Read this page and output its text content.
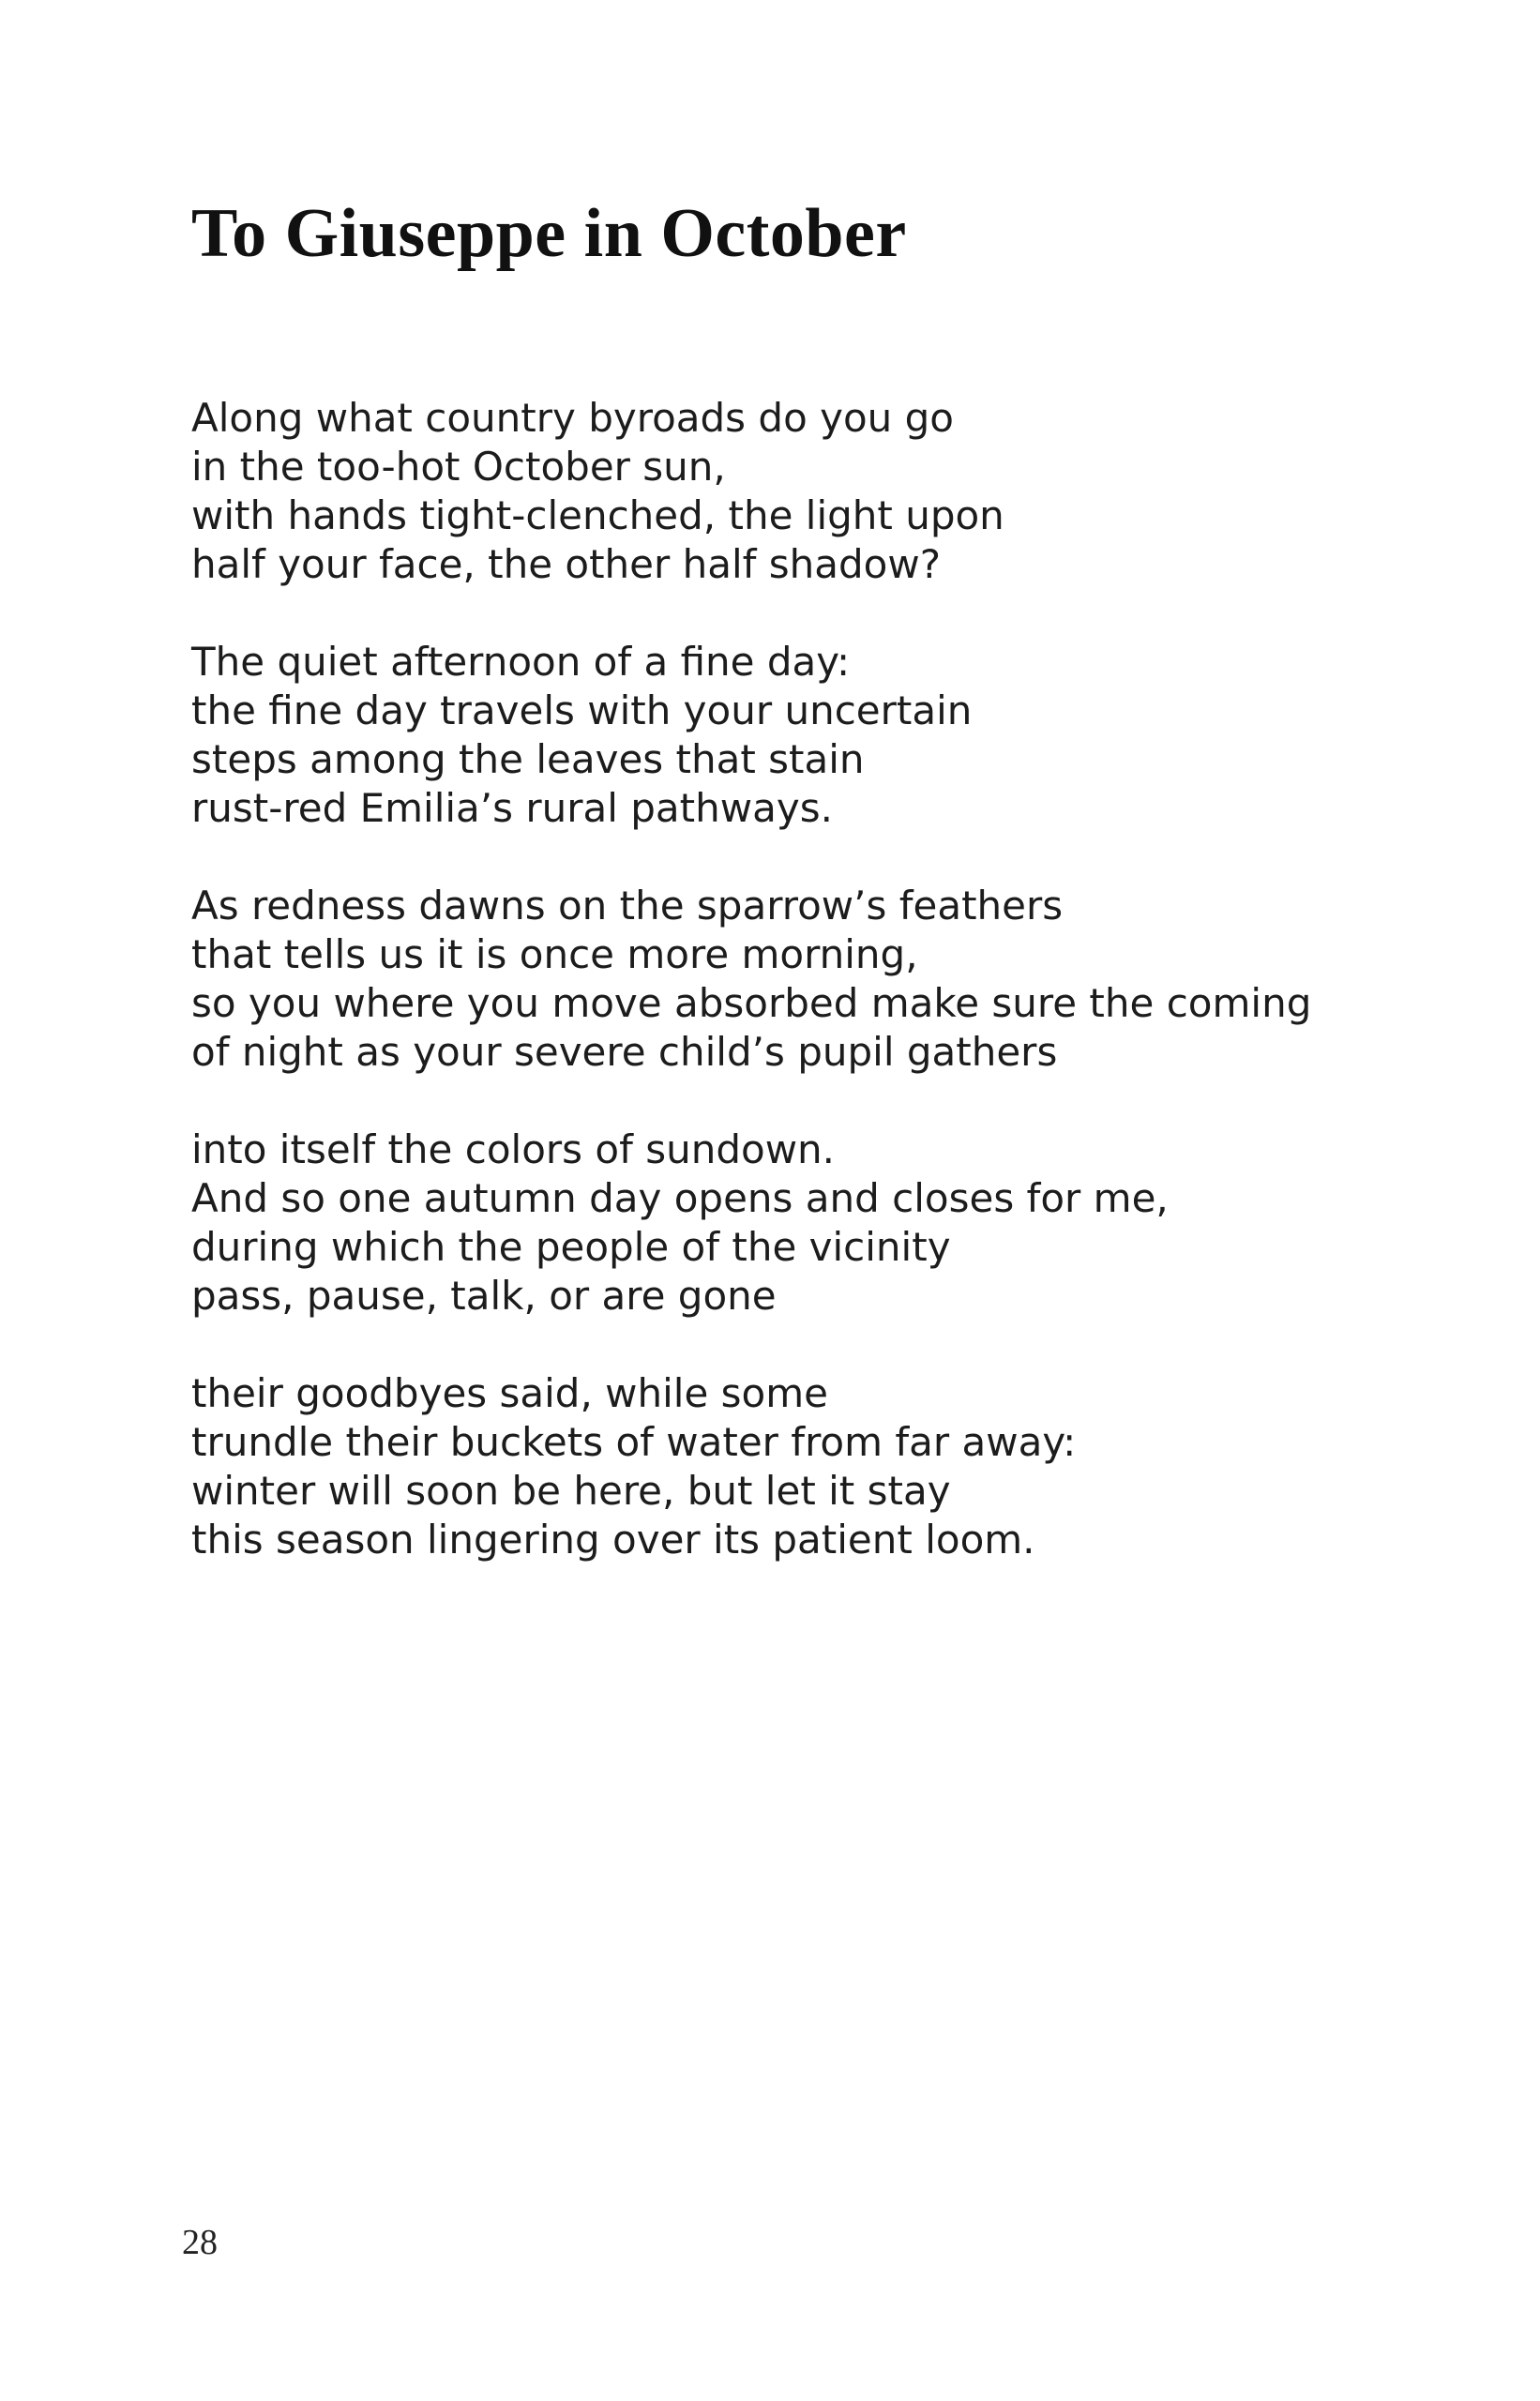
To Giuseppe in October
Along what country byroads do you go
in the too-hot October sun,
with hands tight-clenched, the light upon
half your face, the other half shadow?
The quiet afternoon of a fine day:
the fine day travels with your uncertain
steps among the leaves that stain
rust-red Emilia’s rural pathways.
As redness dawns on the sparrow’s feathers
that tells us it is once more morning,
so you where you move absorbed make sure the coming
of night as your severe child’s pupil gathers
into itself the colors of sundown.
And so one autumn day opens and closes for me,
during which the people of the vicinity
pass, pause, talk, or are gone
their goodbyes said, while some
trundle their buckets of water from far away:
winter will soon be here, but let it stay
this season lingering over its patient loom.
28
